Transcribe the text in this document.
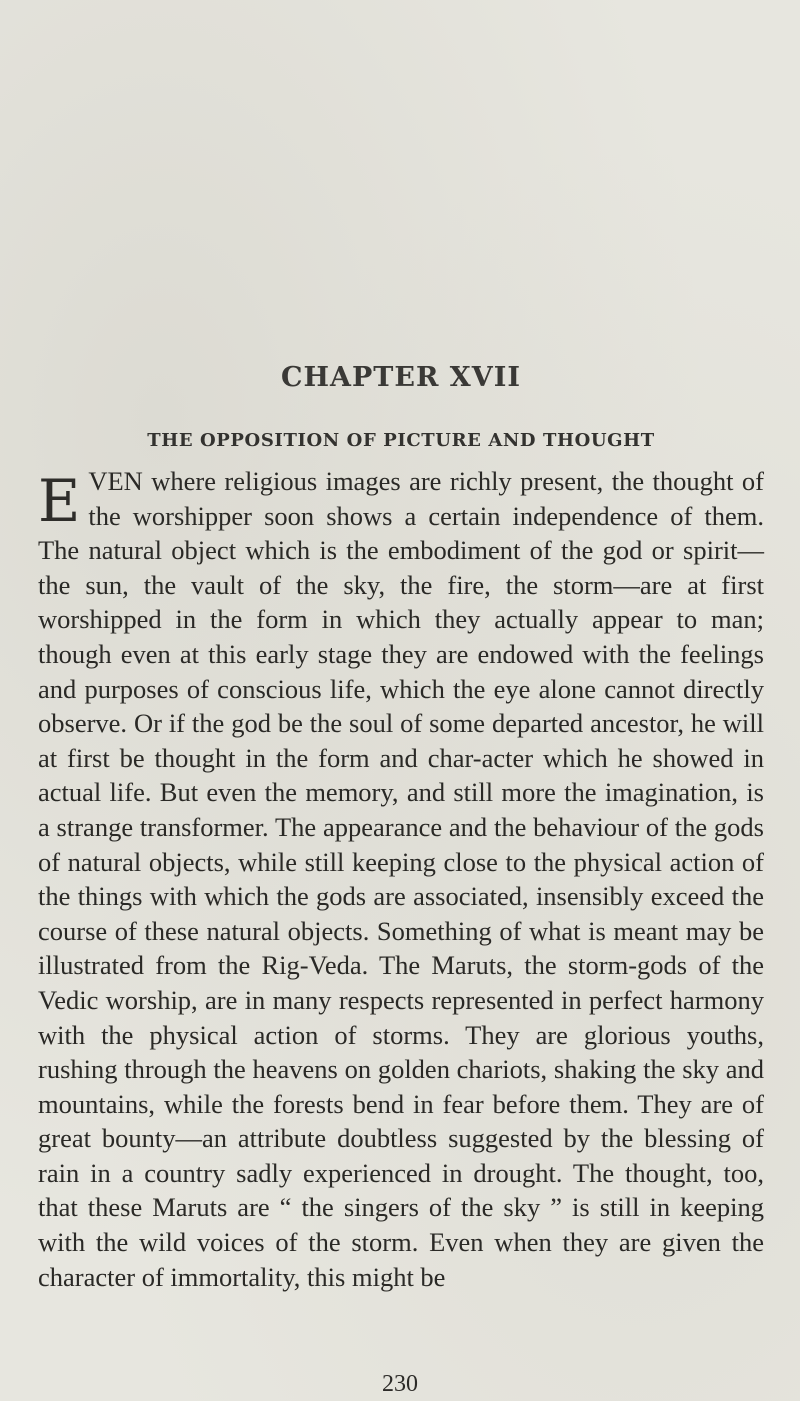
CHAPTER XVII
THE OPPOSITION OF PICTURE AND THOUGHT
E VEN where religious images are richly present, the thought of the worshipper soon shows a certain independence of them. The natural object which is the embodiment of the god or spirit—the sun, the vault of the sky, the fire, the storm—are at first worshipped in the form in which they actually appear to man; though even at this early stage they are endowed with the feelings and purposes of conscious life, which the eye alone cannot directly observe. Or if the god be the soul of some departed ancestor, he will at first be thought in the form and char-acter which he showed in actual life. But even the memory, and still more the imagination, is a strange transformer. The appearance and the behaviour of the gods of natural objects, while still keeping close to the physical action of the things with which the gods are associated, insensibly exceed the course of these natural objects. Something of what is meant may be illustrated from the Rig-Veda. The Maruts, the storm-gods of the Vedic worship, are in many respects represented in perfect harmony with the physical action of storms. They are glorious youths, rushing through the heavens on golden chariots, shaking the sky and mountains, while the forests bend in fear before them. They are of great bounty—an attribute doubtless suggested by the blessing of rain in a country sadly experienced in drought. The thought, too, that these Maruts are “ the singers of the sky ” is still in keeping with the wild voices of the storm. Even when they are given the character of immortality, this might be
230
